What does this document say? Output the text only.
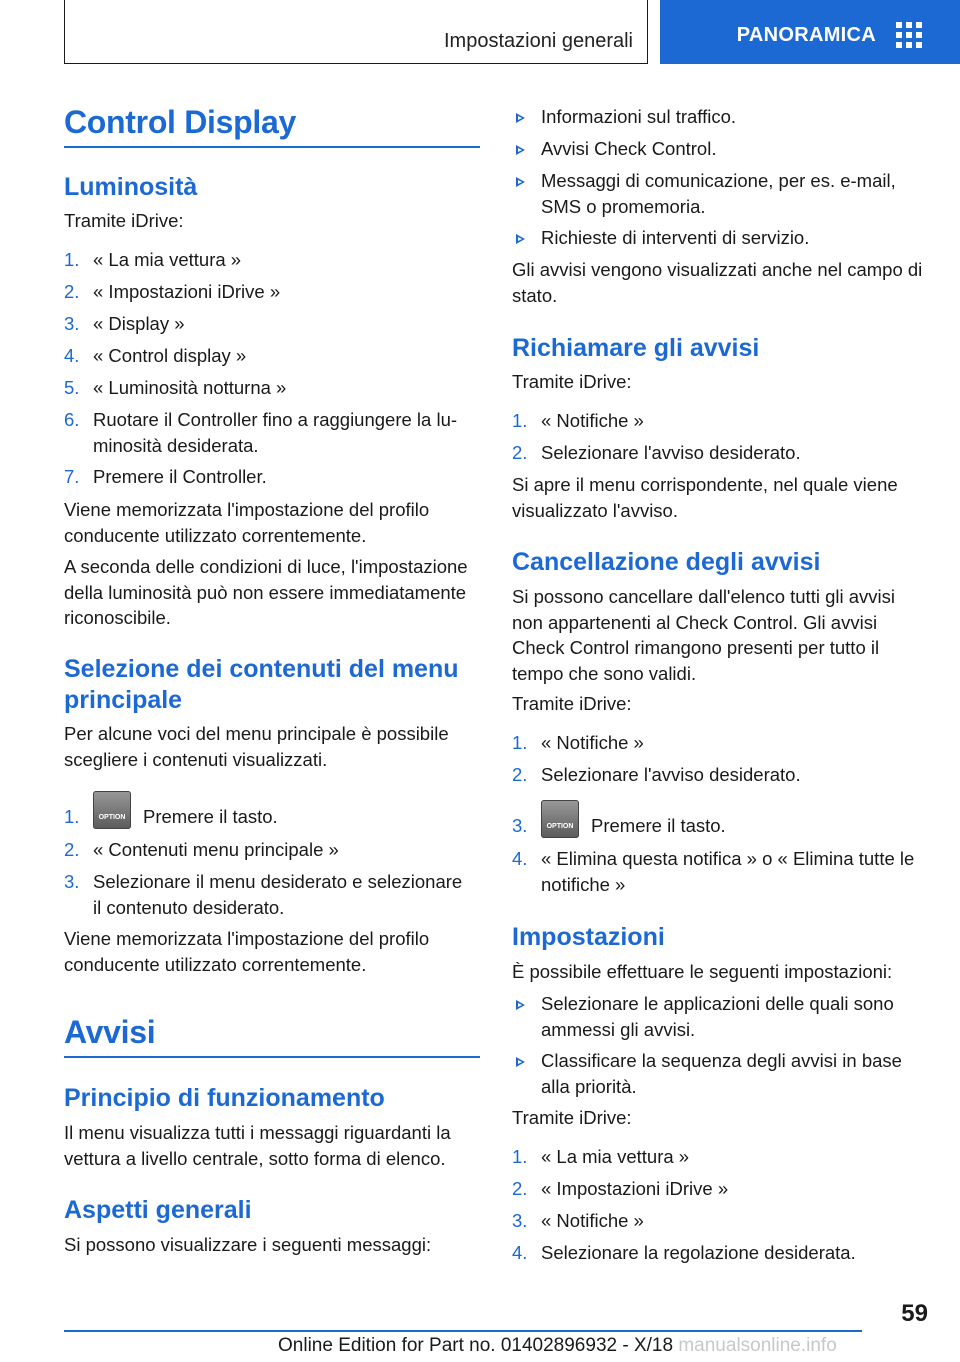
Impostazioni generali	PANORAMICA
Control Display
Luminosità
Tramite iDrive:
1. « La mia vettura »
2. « Impostazioni iDrive »
3. « Display »
4. « Control display »
5. « Luminosità notturna »
6. Ruotare il Controller fino a raggiungere la lu-
minosità desiderata.
7. Premere il Controller.
Viene memorizzata l'impostazione del profilo
conducente utilizzato correntemente.
A seconda delle condizioni di luce, l'impostazione
della luminosità può non essere immediatamente
riconoscibile.
Selezione dei contenuti del menu
principale
Per alcune voci del menu principale è possibile
scegliere i contenuti visualizzati.
1.	OPTION Premere il tasto.
2. « Contenuti menu principale »
3. Selezionare il menu desiderato e selezionare
il contenuto desiderato.
Viene memorizzata l'impostazione del profilo
conducente utilizzato correntemente.
Avvisi
Principio di funzionamento
Il menu visualizza tutti i messaggi riguardanti la
vettura a livello centrale, sotto forma di elenco.
Aspetti generali
Si possono visualizzare i seguenti messaggi:
Informazioni sul traffico.
Avvisi Check Control.
Messaggi di comunicazione, per es. e-mail,
SMS o promemoria.
Richieste di interventi di servizio.
Gli avvisi vengono visualizzati anche nel campo di
stato.
Richiamare gli avvisi
Tramite iDrive:
1. « Notifiche »
2. Selezionare l'avviso desiderato.
Si apre il menu corrispondente, nel quale viene
visualizzato l'avviso.
Cancellazione degli avvisi
Si possono cancellare dall'elenco tutti gli avvisi
non appartenenti al Check Control. Gli avvisi
Check Control rimangono presenti per tutto il
tempo che sono validi.
Tramite iDrive:
1. « Notifiche »
2. Selezionare l'avviso desiderato.
3.	OPTION Premere il tasto.
4. « Elimina questa notifica » o « Elimina tutte le
notifiche »
Impostazioni
È possibile effettuare le seguenti impostazioni:
Selezionare le applicazioni delle quali sono
ammessi gli avvisi.
Classificare la sequenza degli avvisi in base
alla priorità.
Tramite iDrive:
1. « La mia vettura »
2. « Impostazioni iDrive »
3. « Notifiche »
4. Selezionare la regolazione desiderata.
59
Online Edition for Part no. 01402896932 - X/18 manualsonline.info
